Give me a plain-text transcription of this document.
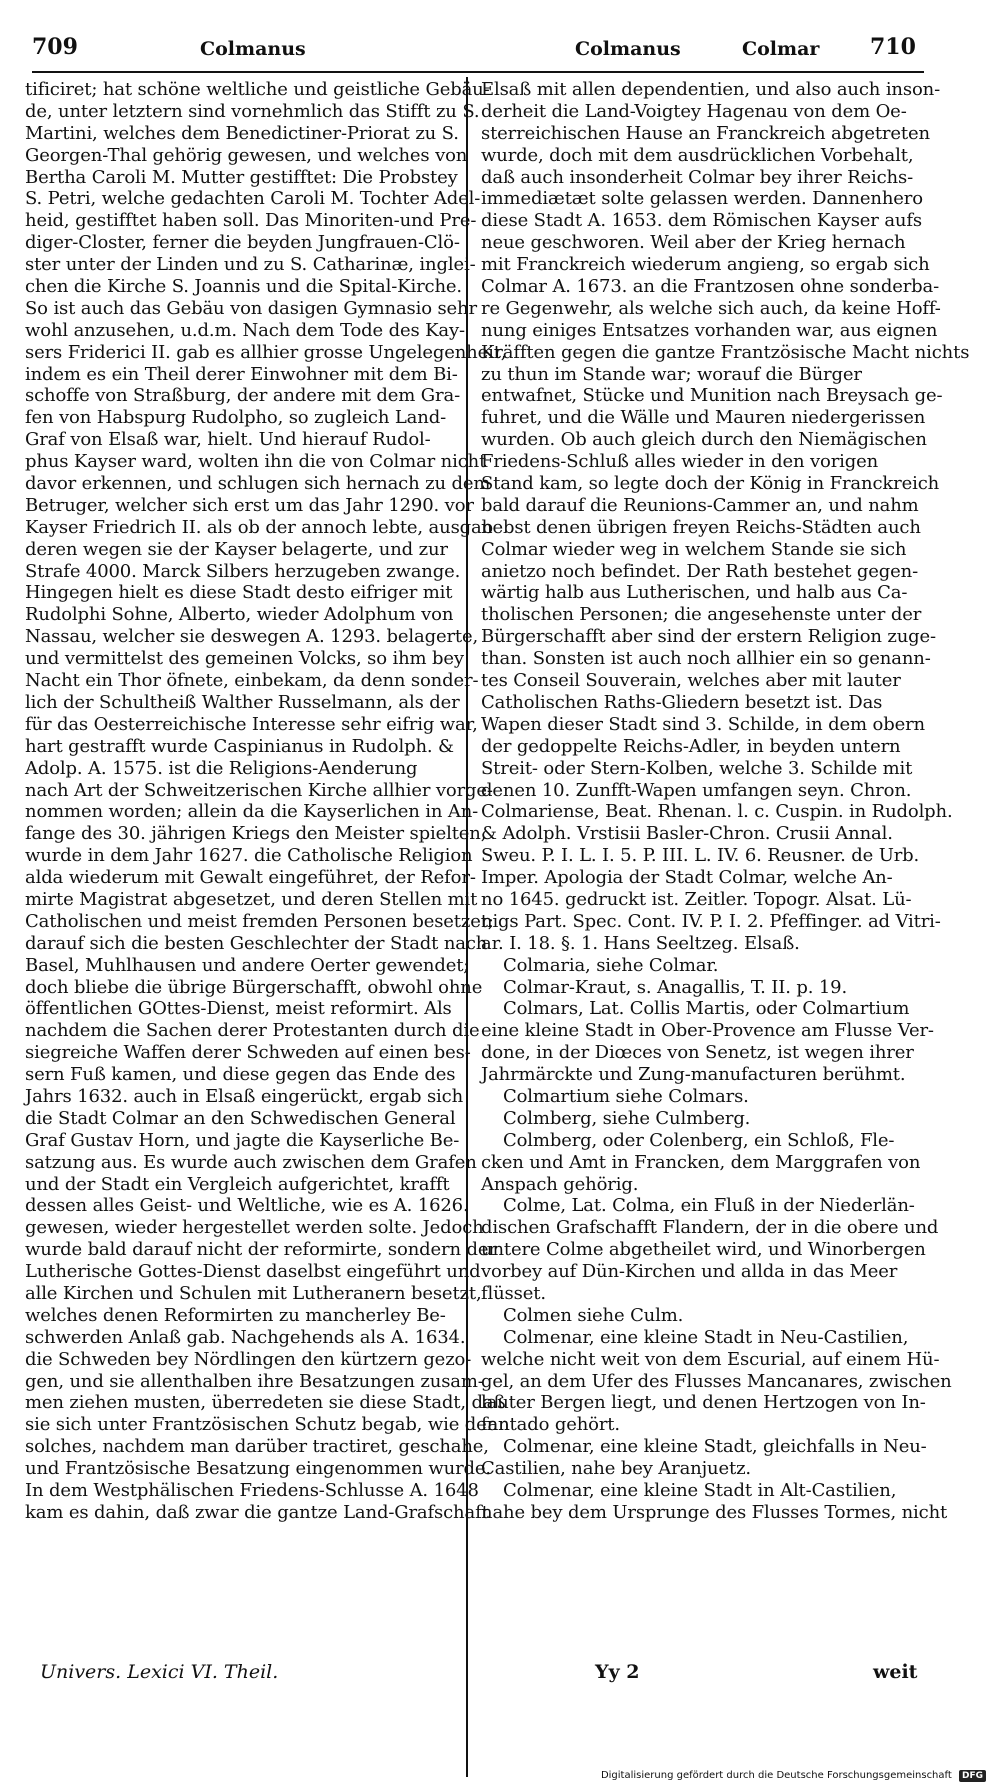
709	Colmanus	Colmanus	Colmar 710
tificiret; hat schöne weltliche und geistliche Gebäu-
de, unter letztern sind vornehmlich das Stifft zu S.
Martini, welches dem Benedictiner-Priorat zu S.
Georgen-Thal gehörig gewesen, und welches von
Bertha Caroli M. Mutter gestifftet: Die Probstey
S. Petri, welche gedachten Caroli M. Tochter Adel-
heid, gestifftet haben soll. Das Minoriten-und Pre-
diger-Closter, ferner die beyden Jungfrauen-Clö-
ster unter der Linden und zu S. Catharinæ, inglei-
chen die Kirche S. Joannis und die Spital-Kirche.
So ist auch das Gebäu von dasigen Gymnasio sehr
wohl anzusehen, u.d.m. Nach dem Tode des Kay-
sers Friderici II. gab es allhier grosse Ungelegenheit,
indem es ein Theil derer Einwohner mit dem Bi-
schoffe von Straßburg, der andere mit dem Gra-
fen von Habspurg Rudolpho, so zugleich Land-
Graf von Elsaß war, hielt. Und hierauf Rudol-
phus Kayser ward, wolten ihn die von Colmar nicht
davor erkennen, und schlugen sich hernach zu dem
Betruger, welcher sich erst um das Jahr 1290. vor
Kayser Friedrich II. als ob der annoch lebte, ausgab
deren wegen sie der Kayser belagerte, und zur
Strafe 4000. Marck Silbers herzugeben zwange.
Hingegen hielt es diese Stadt desto eifriger mit
Rudolphi Sohne, Alberto, wieder Adolphum von
Nassau, welcher sie deswegen A. 1293. belagerte,
und vermittelst des gemeinen Volcks, so ihm bey
Nacht ein Thor öfnete, einbekam, da denn sonder-
lich der Schultheiß Walther Russelmann, als der
für das Oesterreichische Interesse sehr eifrig war,
hart gestrafft wurde Caspinianus in Rudolph. &
Adolp. A. 1575. ist die Religions-Aenderung
nach Art der Schweitzerischen Kirche allhier vorge-
nommen worden; allein da die Kayserlichen in An-
fange des 30. jährigen Kriegs den Meister spielten,
wurde in dem Jahr 1627. die Catholische Religion
alda wiederum mit Gewalt eingeführet, der Refor-
mirte Magistrat abgesetzet, und deren Stellen mit
Catholischen und meist fremden Personen besetzet;
darauf sich die besten Geschlechter der Stadt nach
Basel, Muhlhausen und andere Oerter gewendet;
doch bliebe die übrige Bürgerschafft, obwohl ohne
öffentlichen GOttes-Dienst, meist reformirt. Als
nachdem die Sachen derer Protestanten durch die
siegreiche Waffen derer Schweden auf einen bes-
sern Fuß kamen, und diese gegen das Ende des
Jahrs 1632. auch in Elsaß eingerückt, ergab sich
die Stadt Colmar an den Schwedischen General
Graf Gustav Horn, und jagte die Kayserliche Be-
satzung aus. Es wurde auch zwischen dem Grafen
und der Stadt ein Vergleich aufgerichtet, krafft
dessen alles Geist- und Weltliche, wie es A. 1626.
gewesen, wieder hergestellet werden solte. Jedoch
wurde bald darauf nicht der reformirte, sondern der
Lutherische Gottes-Dienst daselbst eingeführt und
alle Kirchen und Schulen mit Lutheranern besetzt,
welches denen Reformirten zu mancherley Be-
schwerden Anlaß gab. Nachgehends als A. 1634.
die Schweden bey Nördlingen den kürtzern gezo-
gen, und sie allenthalben ihre Besatzungen zusam-
men ziehen musten, überredeten sie diese Stadt, daß
sie sich unter Frantzösischen Schutz begab, wie denn
solches, nachdem man darüber tractiret, geschahe,
und Frantzösische Besatzung eingenommen wurde.
In dem Westphälischen Friedens-Schlusse A. 1648
kam es dahin, daß zwar die gantze Land-Grafschaft
Elsaß mit allen dependentien, und also auch inson-
derheit die Land-Voigtey Hagenau von dem Oe-
sterreichischen Hause an Franckreich abgetreten
wurde, doch mit dem ausdrücklichen Vorbehalt,
daß auch insonderheit Colmar bey ihrer Reichs-
immediætæt solte gelassen werden. Dannenhero
diese Stadt A. 1653. dem Römischen Kayser aufs
neue geschworen. Weil aber der Krieg hernach
mit Franckreich wiederum angieng, so ergab sich
Colmar A. 1673. an die Frantzosen ohne sonderba-
re Gegenwehr, als welche sich auch, da keine Hoff-
nung einiges Entsatzes vorhanden war, aus eignen
Kräfften gegen die gantze Frantzösische Macht nichts
zu thun im Stande war; worauf die Bürger
entwafnet, Stücke und Munition nach Breysach ge-
fuhret, und die Wälle und Mauren niedergerissen
wurden. Ob auch gleich durch den Niemägischen
Friedens-Schluß alles wieder in den vorigen
Stand kam, so legte doch der König in Franckreich
bald darauf die Reunions-Cammer an, und nahm
nebst denen übrigen freyen Reichs-Städten auch
Colmar wieder weg in welchem Stande sie sich
anietzo noch befindet. Der Rath bestehet gegen-
wärtig halb aus Lutherischen, und halb aus Ca-
tholischen Personen; die angesehenste unter der
Bürgerschafft aber sind der erstern Religion zuge-
than. Sonsten ist auch noch allhier ein so genann-
tes Conseil Souverain, welches aber mit lauter
Catholischen Raths-Gliedern besetzt ist. Das
Wapen dieser Stadt sind 3. Schilde, in dem obern
der gedoppelte Reichs-Adler, in beyden untern
Streit- oder Stern-Kolben, welche 3. Schilde mit
denen 10. Zunfft-Wapen umfangen seyn. Chron.
Colmariense, Beat. Rhenan. l. c. Cuspin. in Rudolph.
& Adolph. Vrstisii Basler-Chron. Crusii Annal.
Sweu. P. I. L. I. 5. P. III. L. IV. 6. Reusner. de Urb.
Imper. Apologia der Stadt Colmar, welche An-
no 1645. gedruckt ist. Zeitler. Topogr. Alsat. Lü-
nigs Part. Spec. Cont. IV. P. I. 2. Pfeffinger. ad Vitri-
ar. I. 18. §. 1. Hans Seeltzeg. Elsaß.
Colmaria, siehe Colmar.
Colmar-Kraut, s. Anagallis, T. II. p. 19.
Colmars, Lat. Collis Martis, oder Colmartium
eine kleine Stadt in Ober-Provence am Flusse Ver-
done, in der Diœces von Senetz, ist wegen ihrer
Jahrmärckte und Zung-manufacturen berühmt.
Colmartium siehe Colmars.
Colmberg, siehe Culmberg.
Colmberg, oder Colenberg, ein Schloß, Fle-
cken und Amt in Francken, dem Marggrafen von
Anspach gehörig.
Colme, Lat. Colma, ein Fluß in der Niederlän-
dischen Grafschafft Flandern, der in die obere und
untere Colme abgetheilet wird, und Winorbergen
vorbey auf Dün-Kirchen und allda in das Meer
flüsset.
Colmen siehe Culm.
Colmenar, eine kleine Stadt in Neu-Castilien,
welche nicht weit von dem Escurial, auf einem Hü-
gel, an dem Ufer des Flusses Mancanares, zwischen
lauter Bergen liegt, und denen Hertzogen von In-
fantado gehört.
Colmenar, eine kleine Stadt, gleichfalls in Neu-
Castilien, nahe bey Aranjuetz.
Colmenar, eine kleine Stadt in Alt-Castilien,
nahe bey dem Ursprunge des Flusses Tormes, nicht
Univers. Lexici VI. Theil.	Yy 2	weit
Digitalisierung gefördert durch die Deutsche Forschungsgemeinschaft DFG
